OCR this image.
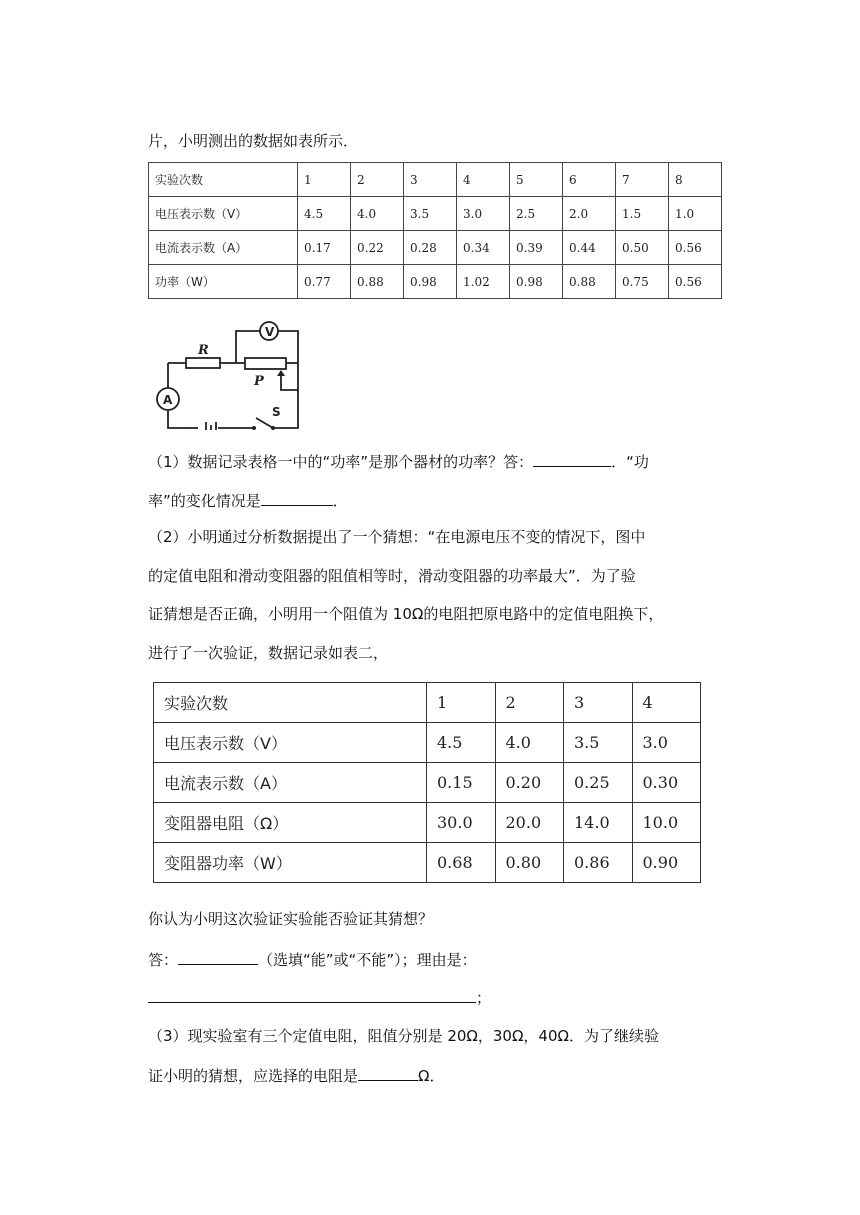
片，小明测出的数据如表所示．
实验次数	1	2	3	4	5	6	7	8
电压表示数（V）	4.5	4.0	3.5	3.0	2.5	2.0	1.5	1.0
电流表示数（A）	0.17	0.22	0.28	0.34	0.39	0.44	0.50	0.56
功率（W）	0.77	0.88	0.98	1.02	0.98	0.88	0.75	0.56
V
R
P
A
S
（1）数据记录表格一中的“功率”是那个器材的功率？答：	．“功
率”的变化情况是	．
（2）小明通过分析数据提出了一个猜想：“在电源电压不变的情况下，图中
的定值电阻和滑动变阻器的阻值相等时，滑动变阻器的功率最大”．为了验
证猜想是否正确，小明用一个阻值为 10Ω的电阻把原电路中的定值电阻换下，
进行了一次验证，数据记录如表二，
实验次数	1	2	3	4
电压表示数（V）	4.5	4.0	3.5	3.0
电流表示数（A）	0.15	0.20	0.25	0.30
变阻器电阻（Ω）	30.0	20.0	14.0	10.0
变阻器功率（W）	0.68	0.80	0.86	0.90
你认为小明这次验证实验能否验证其猜想？
答：	（选填“能”或“不能”）；理由是：
；
（3）现实验室有三个定值电阻，阻值分别是 20Ω，30Ω，40Ω．为了继续验
证小明的猜想，应选择的电阻是	Ω．
